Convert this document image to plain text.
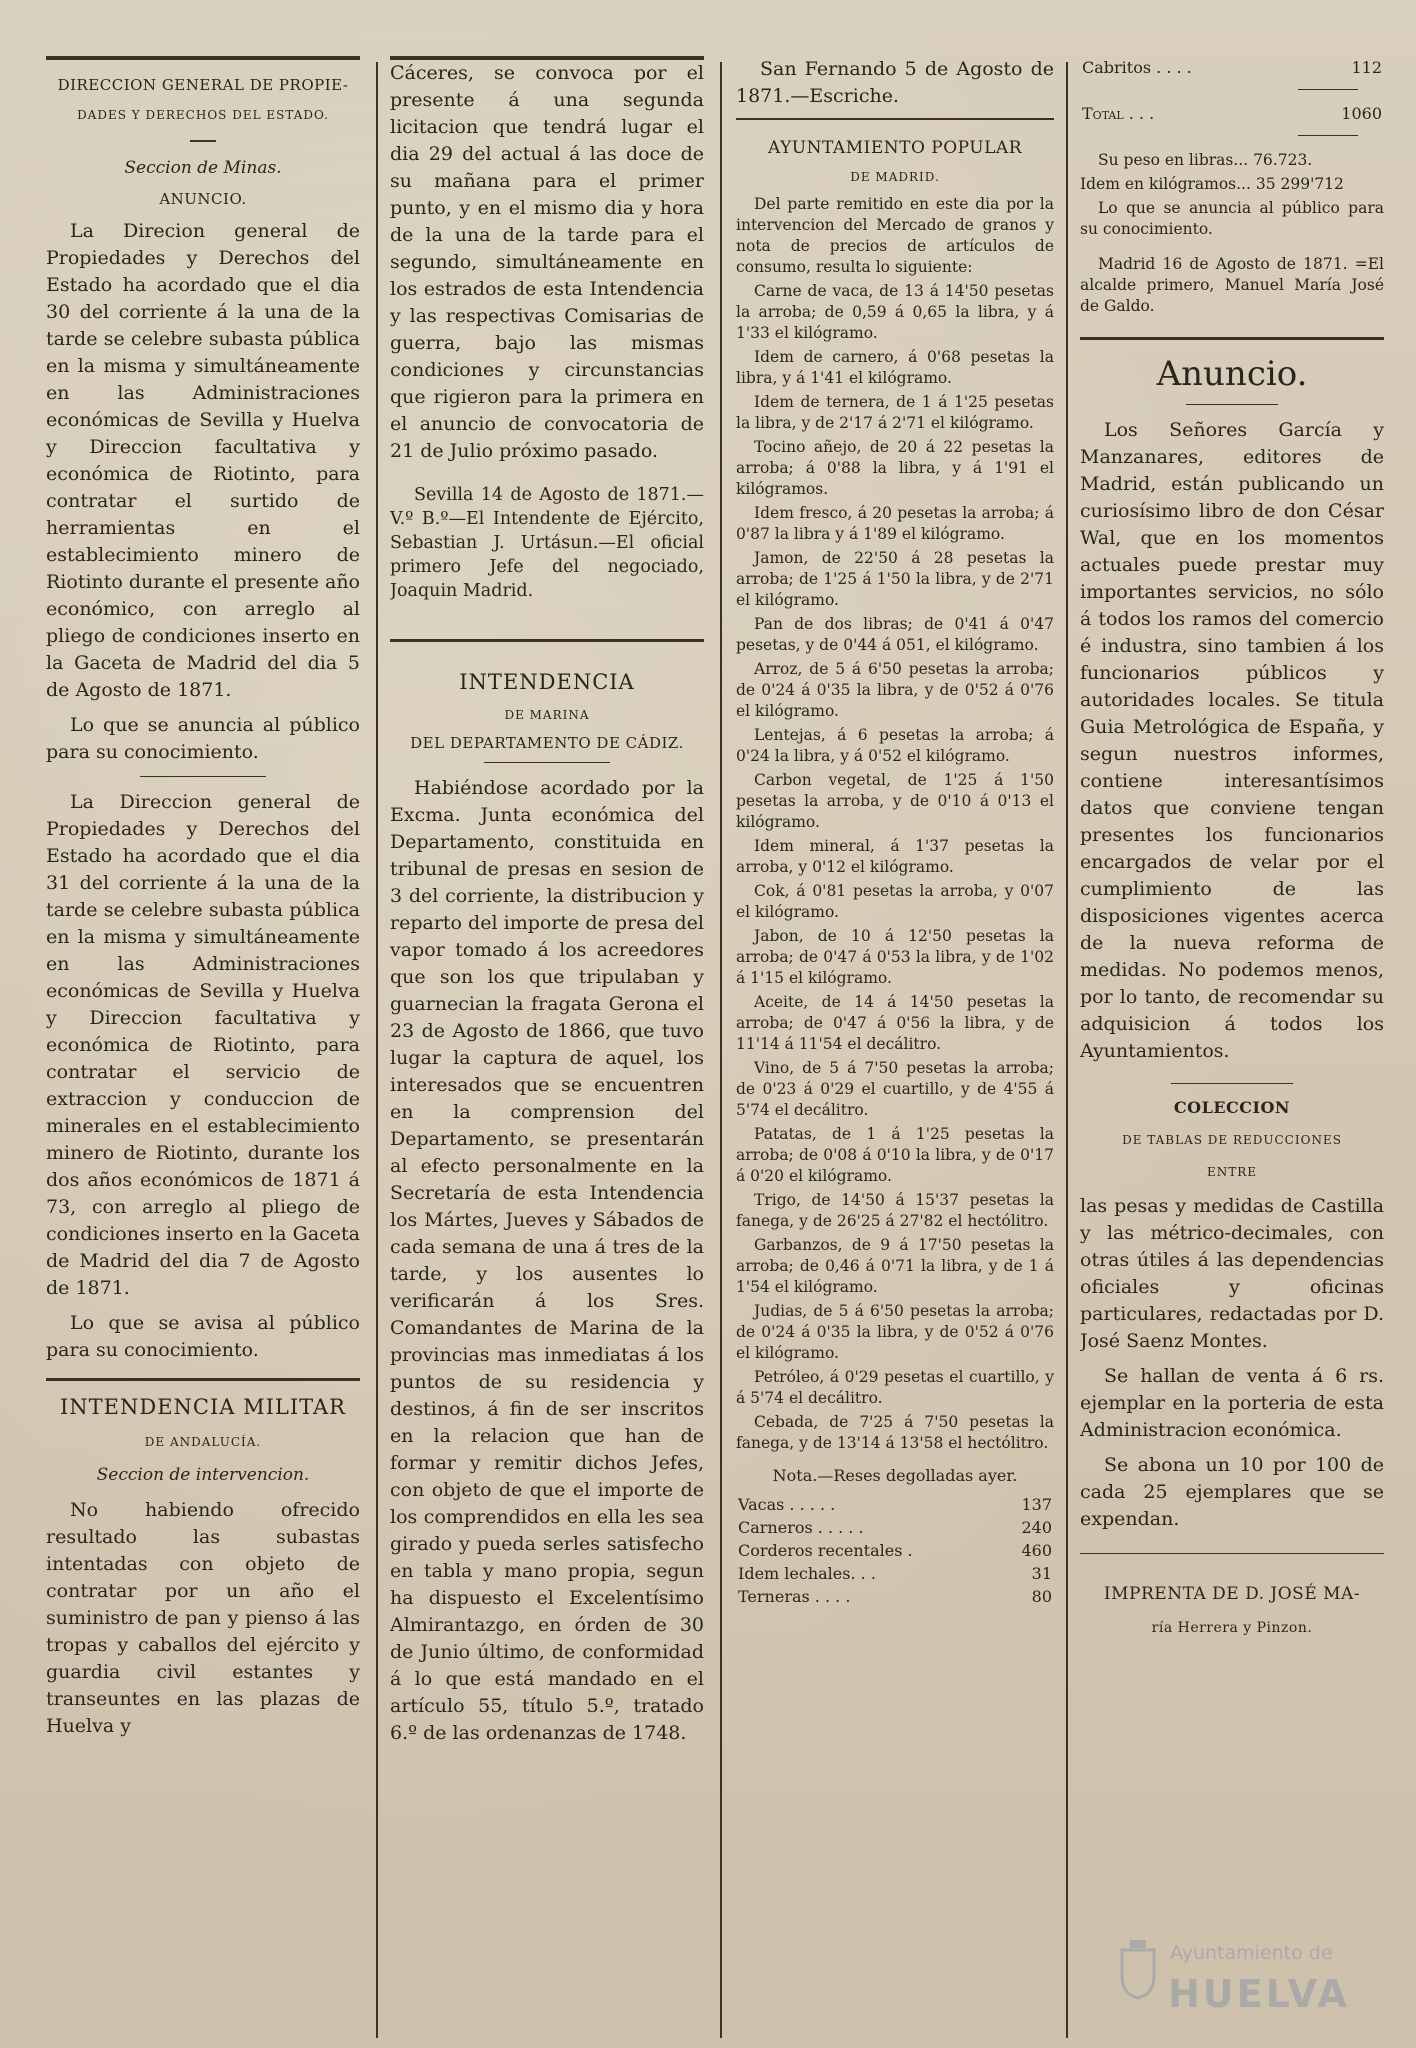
DIRECCION GENERAL DE PROPIE-
DADES Y DERECHOS DEL ESTADO.
Seccion de Minas.
ANUNCIO.

La Direcion general de Propiedades y Derechos del Estado ha acordado que el dia 30 del corriente á la una de la tarde se celebre subasta pública en la misma y simultáneamente en las Administraciones económicas de Sevilla y Huelva y Direccion facultativa y económica de Riotinto, para contratar el surtido de herramientas en el establecimiento minero de Riotinto durante el presente año económico, con arreglo al pliego de condiciones inserto en la Gaceta de Madrid del dia 5 de Agosto de 1871.

Lo que se anuncia al público para su conocimiento.

La Direccion general de Propiedades y Derechos del Estado ha acordado que el dia 31 del corriente á la una de la tarde se celebre subasta pública en la misma y simultáneamente en las Administraciones económicas de Sevilla y Huelva y Direccion facultativa y económica de Riotinto, para contratar el servicio de extraccion y conduccion de minerales en el establecimiento minero de Riotinto, durante los dos años económicos de 1871 á 73, con arreglo al pliego de condiciones inserto en la Gaceta de Madrid del dia 7 de Agosto de 1871.

Lo que se avisa al público para su conocimiento.

INTENDENCIA MILITAR
DE ANDALUCÍA.
Seccion de intervencion.

No habiendo ofrecido resultado las subastas intentadas con objeto de contratar por un año el suministro de pan y pienso á las tropas y caballos del ejército y guardia civil estantes y transeuntes en las plazas de Huelva y

Cáceres, se convoca por el presente á una segunda licitacion que tendrá lugar el dia 29 del actual á las doce de su mañana para el primer punto, y en el mismo dia y hora de la una de la tarde para el segundo, simultáneamente en los estrados de esta Intendencia y las respectivas Comisarias de guerra, bajo las mismas condiciones y circunstancias que rigieron para la primera en el anuncio de convocatoria de 21 de Julio próximo pasado.

Sevilla 14 de Agosto de 1871.—V.º B.º—El Intendente de Ejército, Sebastian J. Urtásun.—El oficial primero Jefe del negociado, Joaquin Madrid.

INTENDENCIA
DE MARINA
DEL DEPARTAMENTO DE CÁDIZ.

Habiéndose acordado por la Excma. Junta económica del Departamento, constituida en tribunal de presas en sesion de 3 del corriente, la distribucion y reparto del importe de presa del vapor tomado á los acreedores que son los que tripulaban y guarnecian la fragata Gerona el 23 de Agosto de 1866, que tuvo lugar la captura de aquel, los interesados que se encuentren en la comprension del Departamento, se presentarán al efecto personalmente en la Secretaría de esta Intendencia los Mártes, Jueves y Sábados de cada semana de una á tres de la tarde, y los ausentes lo verificarán á los Sres. Comandantes de Marina de la provincias mas inmediatas á los puntos de su residencia y destinos, á fin de ser inscritos en la relacion que han de formar y remitir dichos Jefes, con objeto de que el importe de los comprendidos en ella les sea girado y pueda serles satisfecho en tabla y mano propia, segun ha dispuesto el Excelentísimo Almirantazgo, en órden de 30 de Junio último, de conformidad á lo que está mandado en el artículo 55, título 5.º, tratado 6.º de las ordenanzas de 1748.

San Fernando 5 de Agosto de 1871.—Escriche.

AYUNTAMIENTO POPULAR
DE MADRID.

Del parte remitido en este dia por la intervencion del Mercado de granos y nota de precios de artículos de consumo, resulta lo siguiente:

Carne de vaca, de 13 á 14'50 pesetas la arroba; de 0,59 á 0,65 la libra, y á 1'33 el kilógramo.

Idem de carnero, á 0'68 pesetas la libra, y á 1'41 el kilógramo.

Idem de ternera, de 1 á 1'25 pesetas la libra, y de 2'17 á 2'71 el kilógramo.

Tocino añejo, de 20 á 22 pesetas la arroba; á 0'88 la libra, y á 1'91 el kilógramos.

Idem fresco, á 20 pesetas la arroba; á 0'87 la libra y á 1'89 el kilógramo.

Jamon, de 22'50 á 28 pesetas la arroba; de 1'25 á 1'50 la libra, y de 2'71 el kilógramo.

Pan de dos libras; de 0'41 á 0'47 pesetas, y de 0'44 á 051, el kilógramo.

Arroz, de 5 á 6'50 pesetas la arroba; de 0'24 á 0'35 la libra, y de 0'52 á 0'76 el kilógramo.

Lentejas, á 6 pesetas la arroba; á 0'24 la libra, y á 0'52 el kilógramo.

Carbon vegetal, de 1'25 á 1'50 pesetas la arroba, y de 0'10 á 0'13 el kilógramo.

Idem mineral, á 1'37 pesetas la arroba, y 0'12 el kilógramo.

Cok, á 0'81 pesetas la arroba, y 0'07 el kilógramo.

Jabon, de 10 á 12'50 pesetas la arroba; de 0'47 á 0'53 la libra, y de 1'02 á 1'15 el kilógramo.

Aceite, de 14 á 14'50 pesetas la arroba; de 0'47 á 0'56 la libra, y de 11'14 á 11'54 el decálitro.

Vino, de 5 á 7'50 pesetas la arroba; de 0'23 á 0'29 el cuartillo, y de 4'55 á 5'74 el decálitro.

Patatas, de 1 á 1'25 pesetas la arroba; de 0'08 á 0'10 la libra, y de 0'17 á 0'20 el kilógramo.

Trigo, de 14'50 á 15'37 pesetas la fanega, y de 26'25 á 27'82 el hectólitro.

Garbanzos, de 9 á 17'50 pesetas la arroba; de 0,46 á 0'71 la libra, y de 1 á 1'54 el kilógramo.

Judias, de 5 á 6'50 pesetas la arroba; de 0'24 á 0'35 la libra, y de 0'52 á 0'76 el kilógramo.

Petróleo, á 0'29 pesetas el cuartillo, y á 5'74 el decálitro.

Cebada, de 7'25 á 7'50 pesetas la fanega, y de 13'14 á 13'58 el hectólitro.

Nota.—Reses degolladas ayer.
Vacas . . . . .	137
Carneros . . . . .	240
Corderos recentales .	460
Idem lechales. . .	31
Terneras . . . .	80
Cabritos . . . .	112
Total . . .	1060

Su peso en libras... 76.723.

Idem en kilógramos... 35 299'712

Lo que se anuncia al público para su conocimiento.

Madrid 16 de Agosto de 1871. =El alcalde primero, Manuel María José de Galdo.

Anuncio.

Los Señores García y Manzanares, editores de Madrid, están publicando un curiosísimo libro de don César Wal, que en los momentos actuales puede prestar muy importantes servicios, no sólo á todos los ramos del comercio é industra, sino tambien á los funcionarios públicos y autoridades locales. Se titula Guia Metrológica de España, y segun nuestros informes, contiene interesantísimos datos que conviene tengan presentes los funcionarios encargados de velar por el cumplimiento de las disposiciones vigentes acerca de la nueva reforma de medidas. No podemos menos, por lo tanto, de recomendar su adquisicion á todos los Ayuntamientos.

COLECCION
DE TABLAS DE REDUCCIONES
ENTRE

las pesas y medidas de Castilla y las métrico-decimales, con otras útiles á las dependencias oficiales y oficinas particulares, redactadas por D. José Saenz Montes.

Se hallan de venta á 6 rs. ejemplar en la porteria de esta Administracion económica.

Se abona un 10 por 100 de cada 25 ejemplares que se expendan.

IMPRENTA DE D. JOSÉ MA-
ría Herrera y Pinzon.
Ayuntamiento de
HUELVA
